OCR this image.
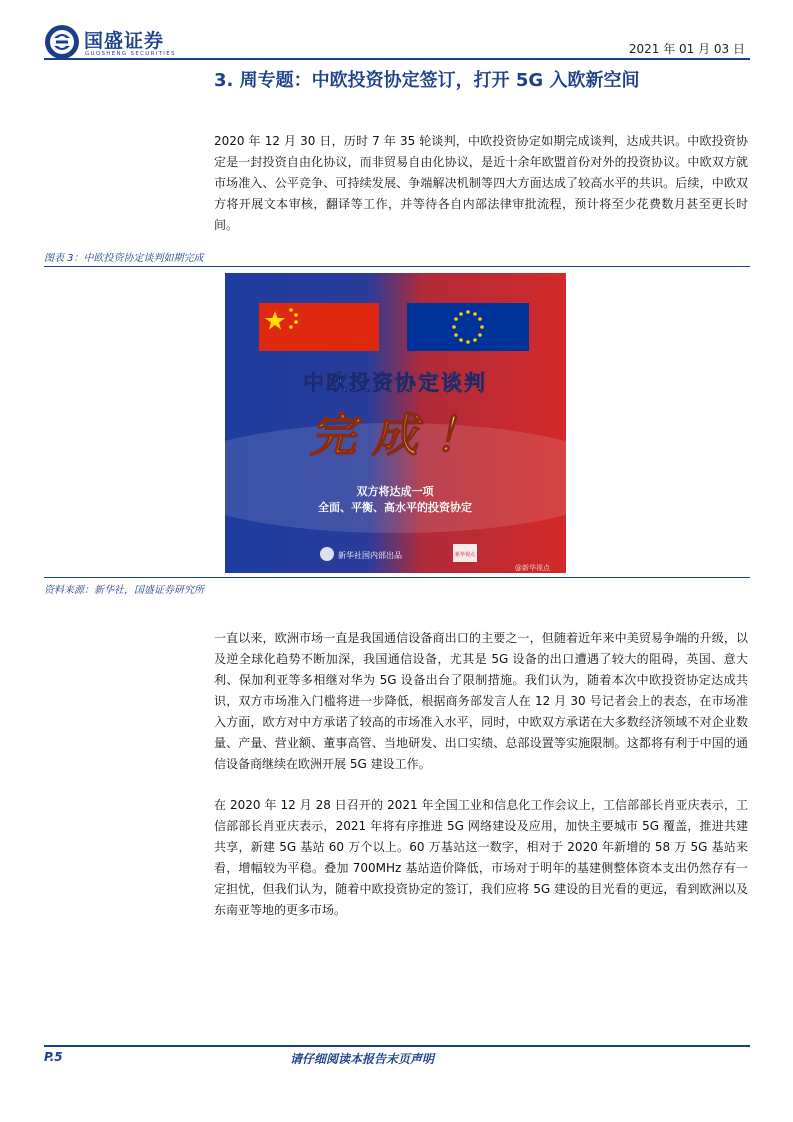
国盛证券
GUOSHENG SECURITIES	2021 年 01 月 03 日
3. 周专题：中欧投资协定签订，打开 5G 入欧新空间

2020 年 12 月 30 日，历时 7 年 35 轮谈判，中欧投资协定如期完成谈判，达成共识。中欧投资协定是一封投资自由化协议，而非贸易自由化协议，是近十余年欧盟首份对外的投资协议。中欧双方就市场准入、公平竞争、可持续发展、争端解决机制等四大方面达成了较高水平的共识。后续，中欧双方将开展文本审核，翻译等工作，并等待各自内部法律审批流程，预计将至少花费数月甚至更长时间。

图表 3：中欧投资协定谈判如期完成
中欧投资协定谈判
完 成 ！
双方将达成一项
全面、平衡、高水平的投资协定
新华社国内部出品	新华视点
@新华视点
资料来源：新华社，国盛证券研究所

一直以来，欧洲市场一直是我国通信设备商出口的主要之一，但随着近年来中美贸易争端的升级，以及逆全球化趋势不断加深，我国通信设备，尤其是 5G 设备的出口遭遇了较大的阻碍，英国、意大利、保加利亚等多相继对华为 5G 设备出台了限制措施。我们认为，随着本次中欧投资协定达成共识，双方市场准入门槛将进一步降低，根据商务部发言人在 12 月 30 号记者会上的表态，在市场准入方面，欧方对中方承诺了较高的市场准入水平，同时，中欧双方承诺在大多数经济领域不对企业数量、产量、营业额、董事高管、当地研发、出口实绩、总部设置等实施限制。这都将有利于中国的通信设备商继续在欧洲开展 5G 建设工作。

在 2020 年 12 月 28 日召开的 2021 年全国工业和信息化工作会议上，工信部部长肖亚庆表示，工信部部长肖亚庆表示，2021 年将有序推进 5G 网络建设及应用，加快主要城市 5G 覆盖，推进共建共享，新建 5G 基站 60 万个以上。60 万基站这一数字，相对于 2020 年新增的 58 万 5G 基站来看，增幅较为平稳。叠加 700MHz 基站造价降低，市场对于明年的基建侧整体资本支出仍然存有一定担忧，但我们认为，随着中欧投资协定的签订，我们应将 5G 建设的目光看的更远，看到欧洲以及东南亚等地的更多市场。

P.5	请仔细阅读本报告末页声明
